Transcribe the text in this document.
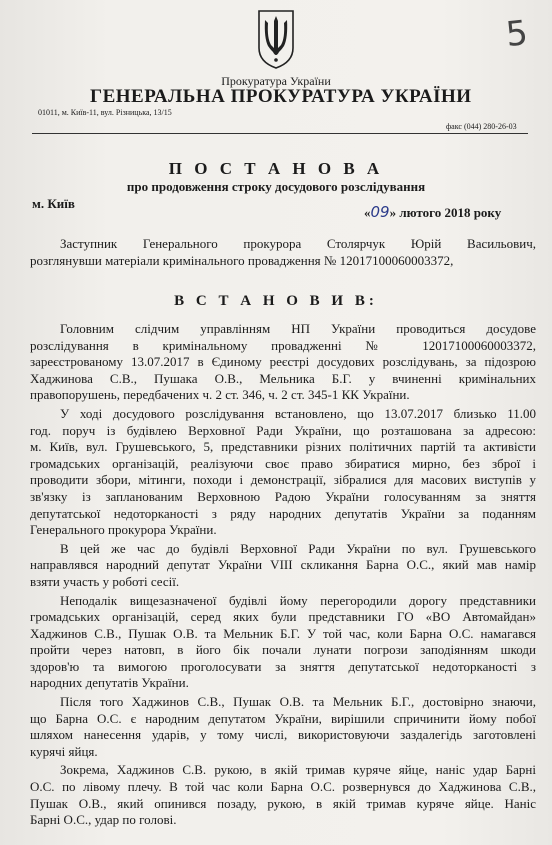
5
Прокуратура України
ГЕНЕРАЛЬНА ПРОКУРАТУРА УКРАЇНИ
01011, м. Київ-11, вул. Різницька, 13/15
факс (044) 280-26-03
П О С Т А Н О В А
про продовження строку досудового розслідування
м. Київ
«09» лютого 2018 року

Заступник Генерального прокурора Столярчук Юрій Васильович,
розглянувши матеріали кримінального провадження № 12017100060003372,

В С Т А Н О В И В:

Головним слідчим управлінням НП України проводиться досудове
розслідування в кримінальному провадженні № 12017100060003372,
зареєстрованому 13.07.2017 в Єдиному реєстрі досудових розслідувань, за підозрою
Хаджинова С.В., Пушака О.В., Мельника Б.Г. у вчиненні кримінальних
правопорушень, передбачених ч. 2 ст. 346, ч. 2 ст. 345-1 КК України.

У ході досудового розслідування встановлено, що 13.07.2017 близько 11.00
год. поруч із будівлею Верховної Ради України, що розташована за адресою:
м. Київ, вул. Грушевського, 5, представники різних політичних партій та активісти
громадських організацій, реалізуючи своє право збиратися мирно, без зброї і
проводити збори, мітинги, походи і демонстрації, зібралися для масових виступів у
зв'язку із запланованим Верховною Радою України голосуванням за зняття
депутатської недоторканості з ряду народних депутатів України за поданням
Генерального прокурора України.

В цей же час до будівлі Верховної Ради України по вул. Грушевського
направлявся народний депутат України VIII скликання Барна О.С., який мав намір
взяти участь у роботі сесії.

Неподалік вищезазначеної будівлі йому перегородили дорогу представники
громадських організацій, серед яких були представники ГО «ВО Автомайдан»
Хаджинов С.В., Пушак О.В. та Мельник Б.Г. У той час, коли Барна О.С. намагався
пройти через натовп, в його бік почали лунати погрози заподіянням шкоди
здоров'ю та вимогою проголосувати за зняття депутатської недоторканості з
народних депутатів України.

Після того Хаджинов С.В., Пушак О.В. та Мельник Б.Г., достовірно знаючи,
що Барна О.С. є народним депутатом України, вирішили спричинити йому побої
шляхом нанесення ударів, у тому числі, використовуючи заздалегідь заготовлені
курячі яйця.

Зокрема, Хаджинов С.В. рукою, в якій тримав куряче яйце, наніс удар Барні
О.С. по лівому плечу. В той час коли Барна О.С. розвернувся до Хаджинова С.В.,
Пушак О.В., який опинився позаду, рукою, в якій тримав куряче яйце. Наніс
Барні О.С., удар по голові.
